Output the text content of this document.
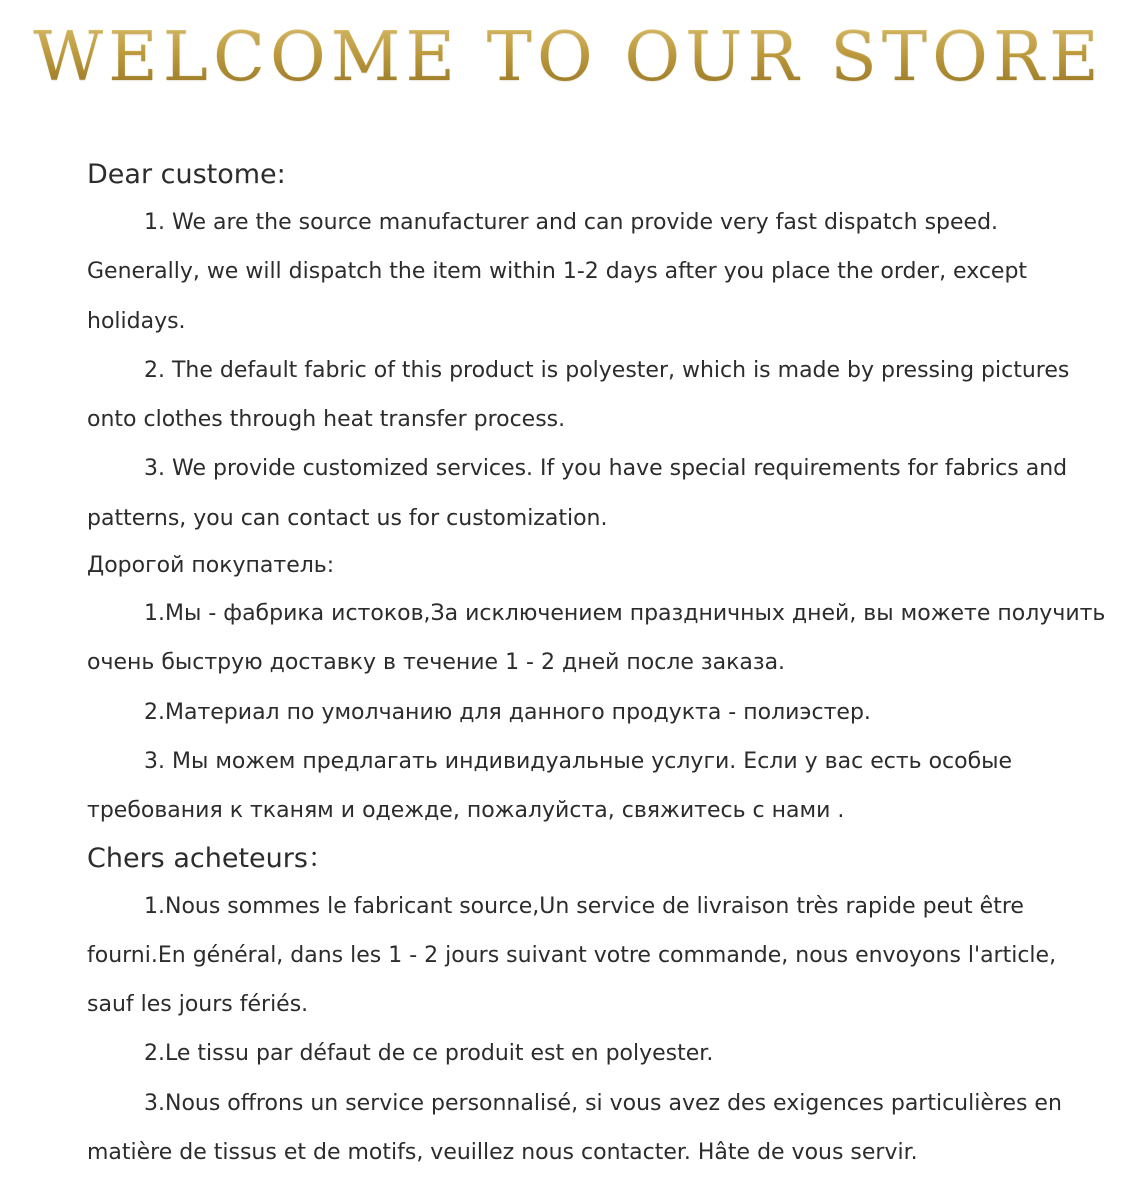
WELCOME TO OUR STORE

Dear custome:

1. We are the source manufacturer and can provide very fast dispatch speed. Generally, we will dispatch the item within 1-2 days after you place the order, except holidays.

2. The default fabric of this product is polyester, which is made by pressing pictures onto clothes through heat transfer process.

3. We provide customized services. If you have special requirements for fabrics and patterns, you can contact us for customization.

Дорогой покупатель:

1.Мы - фабрика истоков,За исключением праздничных дней, вы можете получить очень быструю доставку в течение 1 - 2 дней после заказа.

2.Материал по умолчанию для данного продукта - полиэстер.

3. Мы можем предлагать индивидуальные услуги. Если у вас есть особые требования к тканям и одежде, пожалуйста, свяжитесь с нами .

Chers acheteurs：

1.Nous sommes le fabricant source,Un service de livraison très rapide peut être fourni.En général, dans les 1 - 2 jours suivant votre commande, nous envoyons l'article, sauf les jours fériés.

2.Le tissu par défaut de ce produit est en polyester.

3.Nous offrons un service personnalisé, si vous avez des exigences particulières en matière de tissus et de motifs, veuillez nous contacter. Hâte de vous servir.
